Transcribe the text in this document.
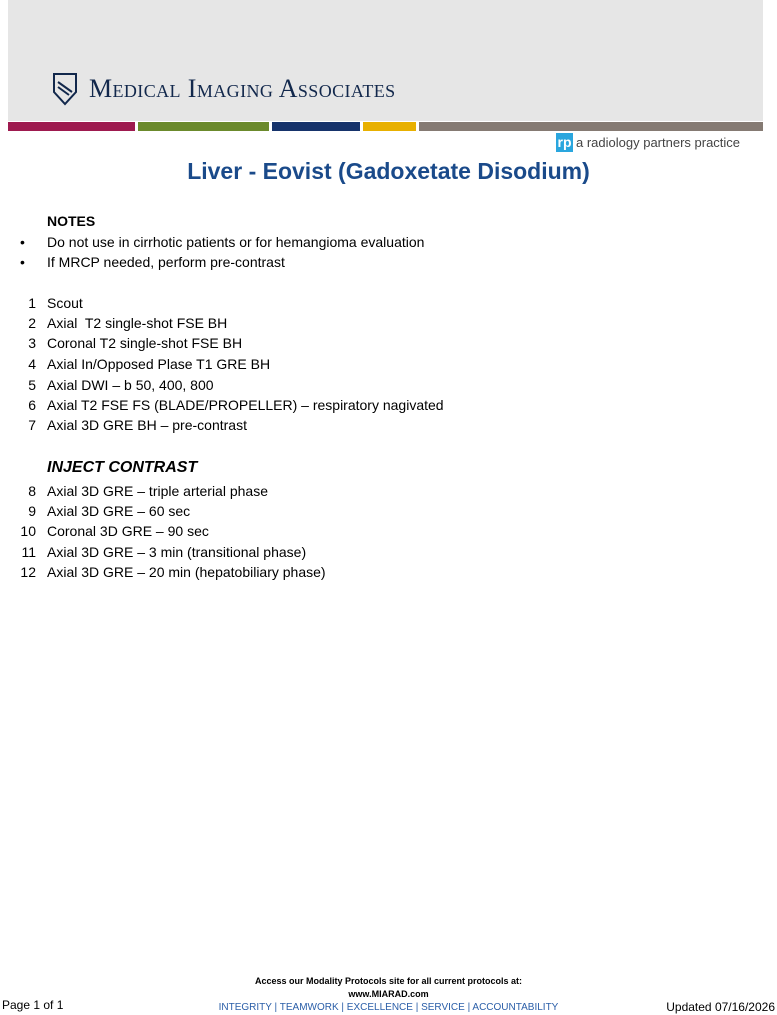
Medical Imaging Associates
rp a radiology partners practice
Liver - Eovist (Gadoxetate Disodium)
NOTES
• Do not use in cirrhotic patients or for hemangioma evaluation
• If MRCP needed, perform pre-contrast
1 Scout
2 Axial  T2 single-shot FSE BH
3 Coronal T2 single-shot FSE BH
4 Axial In/Opposed Plase T1 GRE BH
5 Axial DWI – b 50, 400, 800
6 Axial T2 FSE FS (BLADE/PROPELLER) – respiratory nagivated
7 Axial 3D GRE BH – pre-contrast
INJECT CONTRAST
8 Axial 3D GRE – triple arterial phase
9 Axial 3D GRE – 60 sec
10 Coronal 3D GRE – 90 sec
11 Axial 3D GRE – 3 min (transitional phase)
12 Axial 3D GRE – 20 min (hepatobiliary phase)
Page 1 of 1
Access our Modality Protocols site for all current protocols at:
www.MIARAD.com
INTEGRITY | TEAMWORK | EXCELLENCE | SERVICE | ACCOUNTABILITY	Updated 07/16/2026
